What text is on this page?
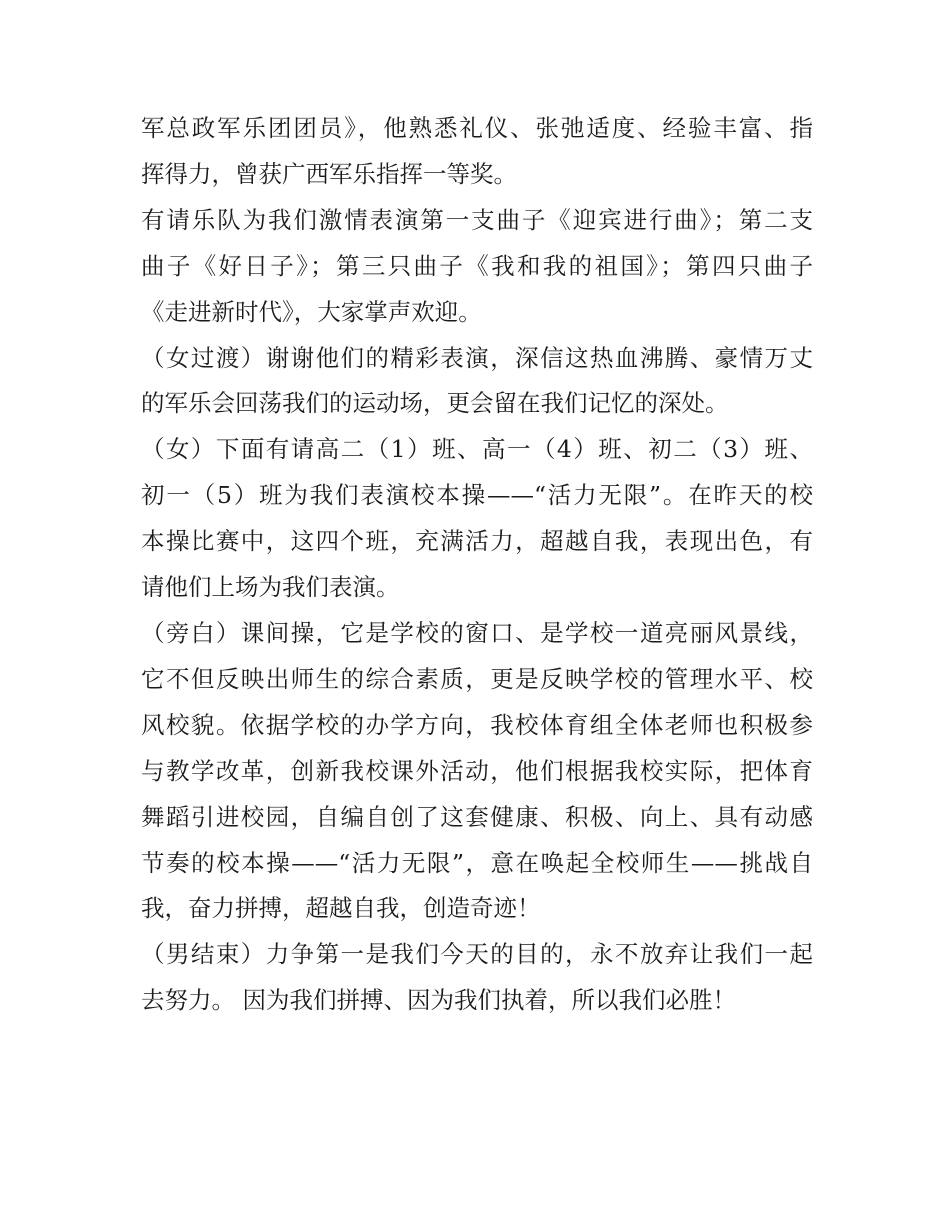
军总政军乐团团员》，他熟悉礼仪、张弛适度、经验丰富、指
挥得力，曾获广西军乐指挥一等奖。

有请乐队为我们激情表演第一支曲子《迎宾进行曲》；第二支
曲子《好日子》；第三只曲子《我和我的祖国》；第四只曲子
《走进新时代》，大家掌声欢迎。

（女过渡）谢谢他们的精彩表演，深信这热血沸腾、豪情万丈
的军乐会回荡我们的运动场，更会留在我们记忆的深处。

（女）下面有请高二（1）班、高一（4）班、初二（3）班、
初一（5）班为我们表演校本操——“活力无限”。在昨天的校
本操比赛中，这四个班，充满活力，超越自我，表现出色，有
请他们上场为我们表演。

（旁白）课间操，它是学校的窗口、是学校一道亮丽风景线，
它不但反映出师生的综合素质，更是反映学校的管理水平、校
风校貌。依据学校的办学方向，我校体育组全体老师也积极参
与教学改革，创新我校课外活动，他们根据我校实际，把体育
舞蹈引进校园，自编自创了这套健康、积极、向上、具有动感
节奏的校本操——“活力无限”，意在唤起全校师生——挑战自
我，奋力拼搏，超越自我，创造奇迹！

（男结束）力争第一是我们今天的目的，永不放弃让我们一起
去努力。 因为我们拼搏、因为我们执着，所以我们必胜！
